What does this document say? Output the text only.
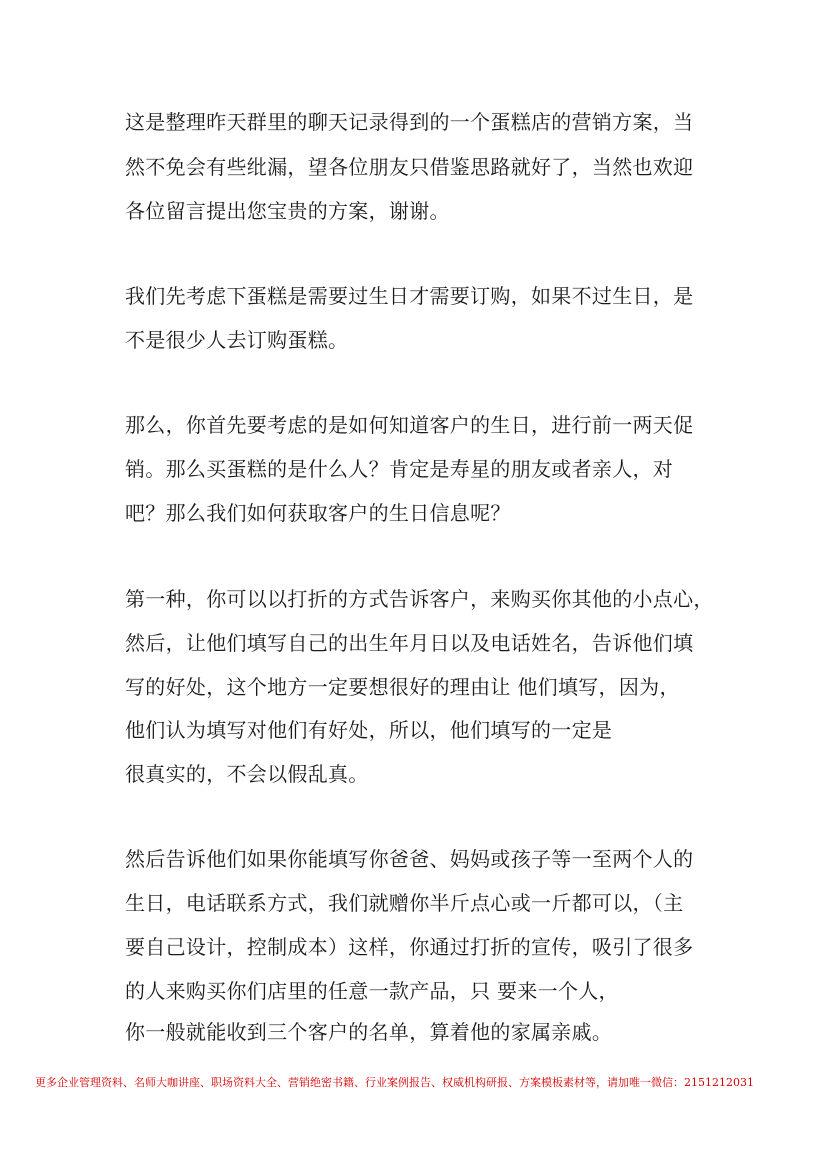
这是整理昨天群里的聊天记录得到的一个蛋糕店的营销方案，当
然不免会有些纰漏，望各位朋友只借鉴思路就好了，当然也欢迎
各位留言提出您宝贵的方案，谢谢。
我们先考虑下蛋糕是需要过生日才需要订购，如果不过生日，是
不是很少人去订购蛋糕。
那么，你首先要考虑的是如何知道客户的生日，进行前一两天促
销。那么买蛋糕的是什么人？肯定是寿星的朋友或者亲人，对
吧？那么我们如何获取客户的生日信息呢？
第一种，你可以以打折的方式告诉客户，来购买你其他的小点心，
然后，让他们填写自己的出生年月日以及电话姓名，告诉他们填
写的好处，这个地方一定要想很好的理由让 他们填写，因为，
他们认为填写对他们有好处，所以，他们填写的一定是
很真实的，不会以假乱真。
然后告诉他们如果你能填写你爸爸、妈妈或孩子等一至两个人的
生日，电话联系方式，我们就赠你半斤点心或一斤都可以，（主
要自己设计，控制成本）这样，你通过打折的宣传，吸引了很多
的人来购买你们店里的任意一款产品，只 要来一个人，
你一般就能收到三个客户的名单，算着他的家属亲戚。
更多企业管理资料、名师大咖讲座、职场资料大全、营销绝密书籍、行业案例报告、权威机构研报、方案模板素材等，请加唯一微信：2151212031
